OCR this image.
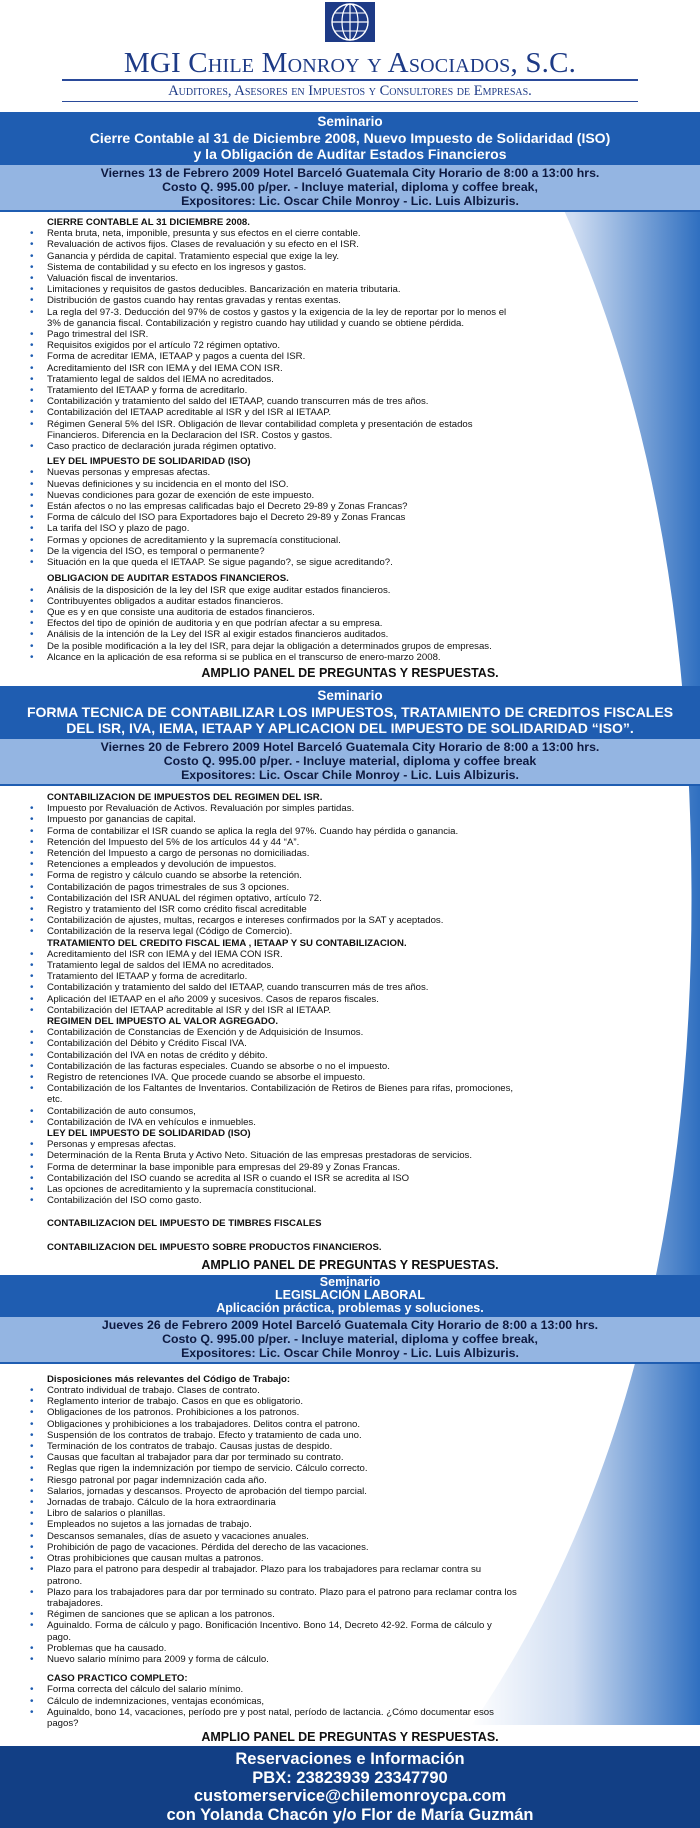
MGI Chile Monroy y Asociados, S.C.
Auditores, Asesores en Impuestos y Consultores de Empresas.
Seminario
Cierre Contable al 31 de Diciembre 2008, Nuevo Impuesto de Solidaridad (ISO)
y la Obligación de Auditar Estados Financieros
Viernes 13 de Febrero 2009 Hotel Barceló Guatemala City Horario de 8:00 a 13:00 hrs.
Costo Q. 995.00 p/per. - Incluye material, diploma y coffee break,
Expositores: Lic. Oscar Chile Monroy - Lic. Luis Albizuris.
CIERRE CONTABLE AL 31 DICIEMBRE 2008.
• Renta bruta, neta, imponible, presunta y sus efectos en el cierre contable.
• Revaluación de activos fijos. Clases de revaluación y su efecto en el ISR.
• Ganancia y pérdida de capital. Tratamiento especial que exige la ley.
• Sistema de contabilidad y su efecto en los ingresos y gastos.
• Valuación fiscal de inventarios.
• Limitaciones y requisitos de gastos deducibles. Bancarización en materia tributaria.
• Distribución de gastos cuando hay rentas gravadas y rentas exentas.
• La regla del 97-3. Deducción del 97% de costos y gastos y la exigencia de la ley de reportar por lo menos el 3% de ganancia fiscal. Contabilización y registro cuando hay utilidad y cuando se obtiene pérdida.
• Pago trimestral del ISR.
• Requisitos exigidos por el artículo 72 régimen optativo.
• Forma de acreditar IEMA, IETAAP y pagos a cuenta del ISR.
• Acreditamiento del ISR con IEMA y del IEMA CON ISR.
• Tratamiento legal de saldos del IEMA no acreditados.
• Tratamiento del IETAAP y forma de acreditarlo.
• Contabilización y tratamiento del saldo del IETAAP, cuando transcurren más de tres años.
• Contabilización del IETAAP acreditable al ISR y del ISR al IETAAP.
• Régimen General 5% del ISR. Obligación de llevar contabilidad completa y presentación de estados Financieros. Diferencia en la Declaracion del ISR. Costos y gastos.
• Caso practico de declaración jurada régimen optativo.
LEY DEL IMPUESTO DE SOLIDARIDAD (ISO)
• Nuevas personas y empresas afectas.
• Nuevas definiciones y su incidencia en el monto del ISO.
• Nuevas condiciones para gozar de exención de este impuesto.
• Están afectos o no las empresas calificadas bajo el Decreto 29-89 y Zonas Francas?
• Forma de cálculo del ISO para Exportadores bajo el Decreto 29-89 y Zonas Francas
• La tarifa del ISO y plazo de pago.
• Formas y opciones de acreditamiento y la supremacía constitucional.
• De la vigencia del ISO, es temporal o permanente?
• Situación en la que queda el IETAAP. Se sigue pagando?, se sigue acreditando?.
OBLIGACION DE AUDITAR ESTADOS FINANCIEROS.
• Análisis de la disposición de la ley del ISR que exige auditar estados financieros.
• Contribuyentes obligados a auditar estados financieros.
• Que es y en que consiste una auditoria de estados financieros.
• Efectos del tipo de opinión de auditoria y en que podrían afectar a su empresa.
• Análisis de la intención de la Ley del ISR al exigir estados financieros auditados.
• De la posible modificación a la ley del ISR, para dejar la obligación a determinados grupos de empresas.
• Alcance en la aplicación de esa reforma si se publica en el transcurso de enero-marzo 2008.
AMPLIO PANEL DE PREGUNTAS Y RESPUESTAS.
Seminario
FORMA TECNICA DE CONTABILIZAR LOS IMPUESTOS, TRATAMIENTO DE CREDITOS FISCALES
DEL ISR, IVA, IEMA, IETAAP Y APLICACION DEL IMPUESTO DE SOLIDARIDAD “ISO”.
Viernes 20 de Febrero 2009 Hotel Barceló Guatemala City Horario de 8:00 a 13:00 hrs.
Costo Q. 995.00 p/per. - Incluye material, diploma y coffee break
Expositores: Lic. Oscar Chile Monroy - Lic. Luis Albizuris.
CONTABILIZACION DE IMPUESTOS DEL REGIMEN DEL ISR.
• Impuesto por Revaluación de Activos. Revaluación por simples partidas.
• Impuesto por ganancias de capital.
• Forma de contabilizar el ISR cuando se aplica la regla del 97%. Cuando hay pérdida o ganancia.
• Retención del Impuesto del 5% de los artículos 44 y 44 “A”.
• Retención del Impuesto a cargo de personas no domiciliadas.
• Retenciones a empleados y devolución de impuestos.
• Forma de registro y cálculo cuando se absorbe la retención.
• Contabilización de pagos trimestrales de sus 3 opciones.
• Contabilización del ISR ANUAL del régimen optativo, artículo 72.
• Registro y tratamiento del ISR como crédito fiscal acreditable
• Contabilización de ajustes, multas, recargos e intereses confirmados por la SAT y aceptados.
• Contabilización de la reserva legal (Código de Comercio).
TRATAMIENTO DEL CREDITO FISCAL IEMA , IETAAP Y SU CONTABILIZACION.
• Acreditamiento del ISR con IEMA y del IEMA CON ISR.
• Tratamiento legal de saldos del IEMA no acreditados.
• Tratamiento del IETAAP y forma de acreditarlo.
• Contabilización y tratamiento del saldo del IETAAP, cuando transcurren más de tres años.
• Aplicación del IETAAP en el año 2009 y sucesivos. Casos de reparos fiscales.
• Contabilización del IETAAP acreditable al ISR y del ISR al IETAAP.
REGIMEN DEL IMPUESTO AL VALOR AGREGADO.
• Contabilización de Constancias de Exención y de Adquisición de Insumos.
• Contabilización del Débito y Crédito Fiscal IVA.
• Contabilización del IVA en notas de crédito y débito.
• Contabilización de las facturas especiales. Cuando se absorbe o no el impuesto.
• Registro de retenciones IVA. Que procede cuando se absorbe el impuesto.
• Contabilización de los Faltantes de Inventarios. Contabilización de Retiros de Bienes para rifas, promociones, etc.
• Contabilización de auto consumos,
• Contabilización de IVA en vehículos e inmuebles.
LEY DEL IMPUESTO DE SOLIDARIDAD (ISO)
• Personas y empresas afectas.
• Determinación de la Renta Bruta y Activo Neto. Situación de las empresas prestadoras de servicios.
• Forma de determinar la base imponible para empresas del 29-89 y Zonas Francas.
• Contabilización del ISO cuando se acredita al ISR o cuando el ISR se acredita al ISO
• Las opciones de acreditamiento y la supremacía constitucional.
• Contabilización del ISO como gasto.
CONTABILIZACION DEL IMPUESTO DE TIMBRES FISCALES
CONTABILIZACION DEL IMPUESTO SOBRE PRODUCTOS FINANCIEROS.
AMPLIO PANEL DE PREGUNTAS Y RESPUESTAS.
Seminario
LEGISLACIÓN LABORAL
Aplicación práctica, problemas y soluciones.
Jueves 26 de Febrero 2009 Hotel Barceló Guatemala City Horario de 8:00 a 13:00 hrs.
Costo Q. 995.00 p/per. - Incluye material, diploma y coffee break,
Expositores: Lic. Oscar Chile Monroy - Lic. Luis Albizuris.
Disposiciones más relevantes del Código de Trabajo:
• Contrato individual de trabajo. Clases de contrato.
• Reglamento interior de trabajo. Casos en que es obligatorio.
• Obligaciones de los patronos. Prohibiciones a los patronos.
• Obligaciones y prohibiciones a los trabajadores. Delitos contra el patrono.
• Suspensión de los contratos de trabajo. Efecto y tratamiento de cada uno.
• Terminación de los contratos de trabajo. Causas justas de despido.
• Causas que facultan al trabajador para dar por terminado su contrato.
• Reglas que rigen la indemnización por tiempo de servicio. Cálculo correcto.
• Riesgo patronal por pagar indemnización cada año.
• Salarios, jornadas y descansos. Proyecto de aprobación del tiempo parcial.
• Jornadas de trabajo. Cálculo de la hora extraordinaria
• Libro de salarios o planillas.
• Empleados no sujetos a las jornadas de trabajo.
• Descansos semanales, días de asueto y vacaciones anuales.
• Prohibición de pago de vacaciones. Pérdida del derecho de las vacaciones.
• Otras prohibiciones que causan multas a patronos.
• Plazo para el patrono para despedir al trabajador. Plazo para los trabajadores para reclamar contra su patrono.
• Plazo para los trabajadores para dar por terminado su contrato. Plazo para el patrono para reclamar contra los trabajadores.
• Régimen de sanciones que se aplican a los patronos.
• Aguinaldo. Forma de cálculo y pago. Bonificación Incentivo. Bono 14, Decreto 42-92. Forma de cálculo y pago.
• Problemas que ha causado.
• Nuevo salario mínimo para 2009 y forma de cálculo.
CASO PRACTICO COMPLETO:
• Forma correcta del cálculo del salario mínimo.
• Cálculo de indemnizaciones, ventajas económicas,
• Aguinaldo, bono 14, vacaciones, período pre y post natal, período de lactancia. ¿Cómo documentar esos pagos?
AMPLIO PANEL DE PREGUNTAS Y RESPUESTAS.
Reservaciones e Información
PBX: 23823939 23347790
customerservice@chilemonroycpa.com
con Yolanda Chacón y/o Flor de María Guzmán
